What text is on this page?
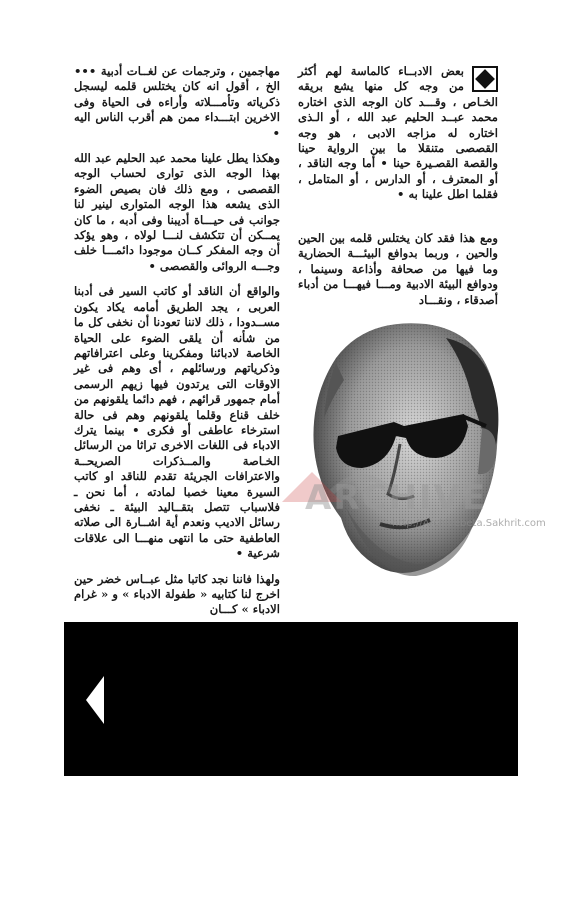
بعض الادبــاء كالماسة لهم أكثر من وجه كل منها يشع بريقه الخـاص ، وقـــد كان الوجه الذى اختاره محمد عبــد الحليم عبد الله ، أو الـذى اختاره له مزاجه الادبى ، هو وجه القصصى متنقلا ما بين الرواية حينا والقصة القصـيرة حينا • أما وجه الناقد ، أو المعترف ، أو الدارس ، أو المتامل ، فقلما اطل علينا به •

ومع هذا فقد كان يختلس قلمه بين الحين والحين ، وربما بدوافع البيئـــة الحضارية وما فيها من صحافة وأذاعة وسينما ، ودوافع البيئة الادبية ومـــا فيهـــا من أدباء أصدقاء ، ونقـــاد

مهاجمين ، وترجمات عن لغــات أدبية ••• الخ ، أقول انه كان يختلس قلمه ليسجل ذكرياته وتأمـــلاته وأراءه فى الحياة وفى الاخرين ابتـــداء ممن هم أقرب الناس اليه •

وهكذا يطل علينا محمد عبد الحليم عبد الله بهذا الوجه الذى توارى لحساب الوجه القصصى ، ومع ذلك فان بصيص الضوء الذى يشعه هذا الوجه المتوارى لينير لنا جوانب فى حيـــاة أديبنا وفى أدبه ، ما كان يمــكن أن تتكشف لنـــا لولاه ، وهو يؤكد أن وجه المفكر كــان موجودا دائمـــا خلف وجـــه الروائى والقصصى •

والواقع أن الناقد أو كاتب السير فى أدبنا العربى ، يجد الطريق أمامه يكاد يكون مســدودا ، ذلك لاننا تعودنا أن نخفى كل ما من شأنه أن يلقى الضوء على الحياة الخاصة لادبائنا ومفكرينا وعلى اعترافاتهم وذكرياتهم ورسائلهم ، أى وهم فى غير الاوقات التى يرتدون فيها زيهم الرسمى أمام جمهور قرائهم ، فهم دائما يلقونهم من خلف قناع وقلما يلقونهم وهم فى حالة استرخاء عاطفى أو فكرى • بينما يترك الادباء فى اللغات الاخرى تراثا من الرسائل الخـاصة والمــذكرات الصريحــة والاعترافات الجريئة تقدم للناقد او كاتب السيرة معينا خصبا لمادته ، أما نحن ـ فلاسباب تتصل بتقــاليد البيئة ـ نخفى رسائل الاديب ونعدم أية اشــارة الى صلاته العاطفية حتى ما انتهى منهـــا الى علاقات شرعية •

ولهذا فاننا نجد كاتبا مثل عبــاس خضر حين اخرج لنا كتابيه « طفولة الادباء » و « غرام الادباء » كـــان

ARCHIVE
http://Archivebeta.Sakhrit.com
